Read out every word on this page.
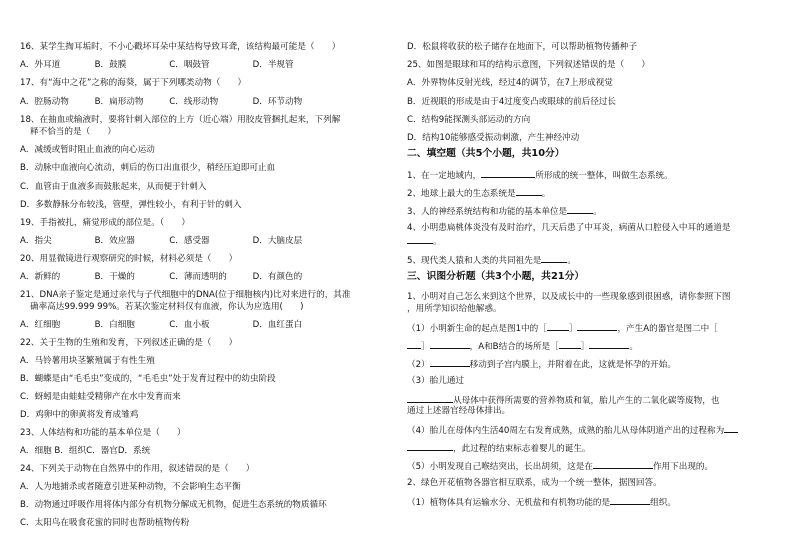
16、某学生掏耳垢时，不小心戳坏耳朵中某结构导致耳聋，该结构最可能是（　　）
A．外耳道　　　　B．鼓膜　　　　　C．咽鼓管　　　　　D．半规管
17、有“海中之花”之称的海葵，属于下列哪类动物（　　）
A．腔肠动物　　　B．扁形动物　　　C．线形动物　　　　D．环节动物
18、在抽血或输液时，要将针刺入部位的上方（近心端）用胶皮管捆扎起来，下列解
释不恰当的是（　　）
A．减缓或暂时阻止血液的向心运动
B．动脉中血液向心流动，刺后的伤口出血很少，稍经压迫即可止血
C．血管由于血液多而鼓胀起来，从而便于针刺入
D．多数静脉分布较浅，管壁，弹性较小，有利于针的刺入
19、手指被扎，痛觉形成的部位是。（　　）
A．指尖　　　　　B．效应器　　　　C．感受器　　　　　D．大脑皮层
20、用显微镜进行观察研究的时候，材料必须是（　　）
A．新鲜的　　　　B．干燥的　　　　C．薄而透明的　　　D．有颜色的
21、DNA亲子鉴定是通过亲代与子代细胞中的DNA(位于细胞核内)比对来进行的，其准
确率高达99.999 99%。若某次鉴定材料仅有血液，你认为应选用(　　)
A．红细胞　　　　B．白细胞　　　　C．血小板　　　　　D．血红蛋白
22、关于生物的生殖和发育，下列叙述正确的是（　　）
A．马铃薯用块茎繁殖属于有性生殖
B．蝴蝶是由“毛毛虫”变成的，“毛毛虫”处于发育过程中的幼虫阶段
C．蚜蚓是由蛙蛙受精卵产在水中发育而来
D．鸡卵中的卵黄将发育成雏鸡
23、人体结构和功能的基本单位是（　　）
A．细胞 B．组织C．器官D．系统
24、下列关于动物在自然界中的作用，叙述错误的是（　　）
A．人为地捕杀或者随意引进某种动物，不会影响生态平衡
B．动物通过呼吸作用将体内部分有机物分解成无机物，促进生态系统的物质循环
C．太阳鸟在吸食花蜜的同时也帮助植物传粉
D．松鼠将收获的松子储存在地面下，可以帮助植物传播种子
25、如图是眼球和耳的结构示意图，下列叙述错误的是（　　）
A．外界物体反射光线，经过4的调节，在7上形成视觉
B．近视眼的形成是由于4过度变凸或眼球的前后径过长
C．结构9能探测头部运动的方向
D．结构10能够感受振动刺激，产生神经冲动
二、填空题（共5个小题，共10分）
1、在一定地域内，	所形成的统一整体，叫做生态系统。
2、地球上最大的生态系统是	。
3、人的神经系统结构和功能的基本单位是	。
4、小明患扁桃体炎没有及时治疗，几天后患了中耳炎，病菌从口腔侵入中耳的通道是
。
5、现代类人猿和人类的共同祖先是	。
三、识图分析题（共3个小题，共21分）
1、小明对自己怎么来到这个世界，以及成长中的一些现象感到很困惑，请你参照下图
，用所学知识给他解惑。
（1）小明新生命的起点是图1中的［	］	，产生A的器官是图二中［
］	，A和B结合的场所是［	］	。
（2）	移动到子宫内膜上，并附着在此，这就是怀孕的开始。
（3）胎儿通过
从母体中获得所需要的营养物质和氧，胎儿产生的二氧化碳等废物，也
通过上述器官经母体排出。
（4）胎儿在母体内生活40周左右发育成熟，成熟的胎儿从母体阴道产出的过程称为
，此过程的结束标志着婴儿的诞生。
（5）小明发现自己喉结突出，长出胡须，这是在	作用下出现的。
2、绿色开花植物各器官相互联系，成为一个统一整体，据图回答。
（1）植物体具有运输水分、无机盐和有机物功能的是	组织。
